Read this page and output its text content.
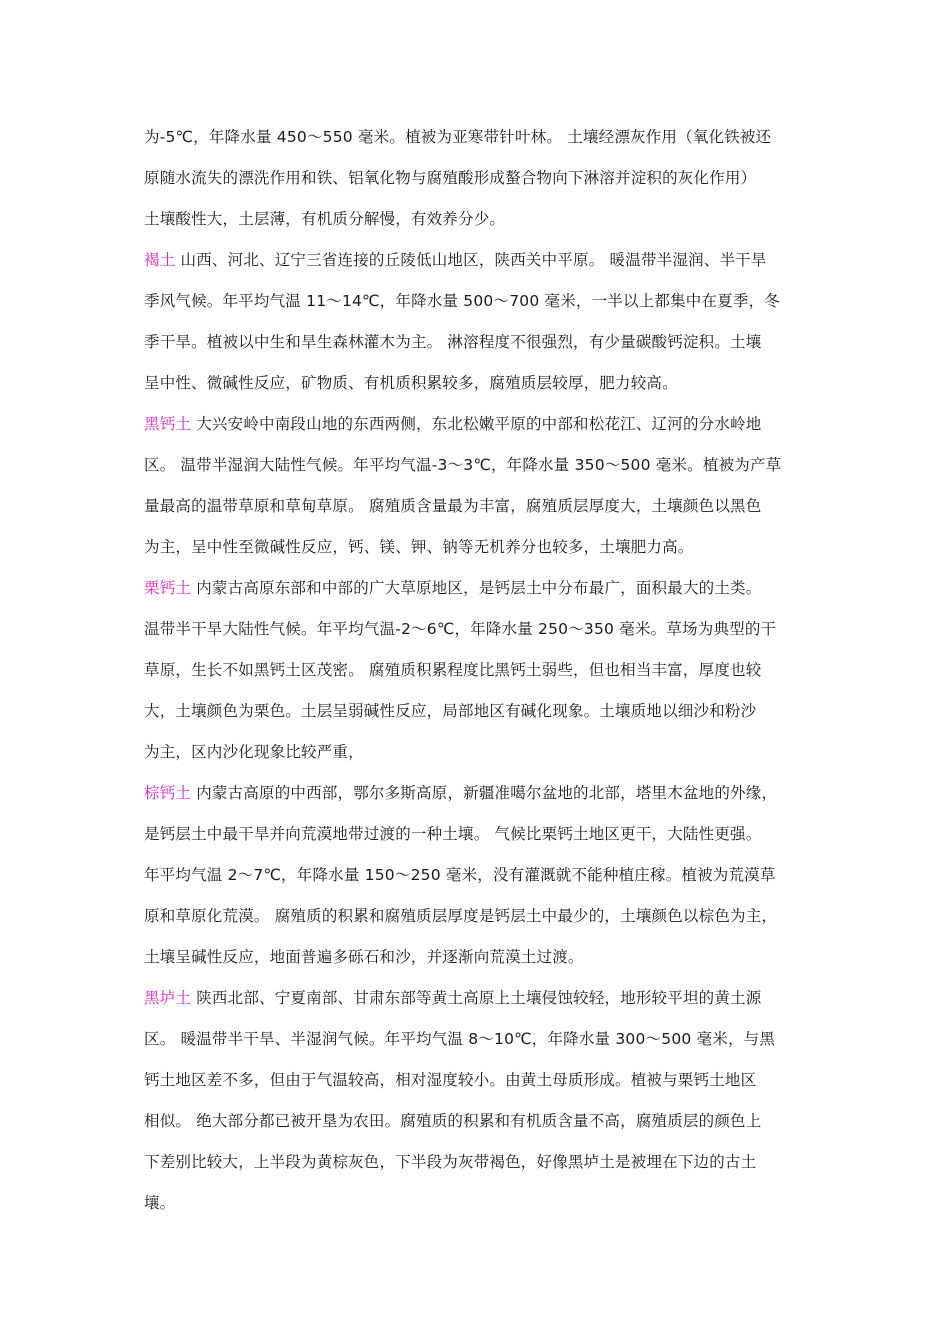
为-5℃，年降水量 450～550 毫米。植被为亚寒带针叶林。 土壤经漂灰作用（氧化铁被还
原随水流失的漂洗作用和铁、铝氧化物与腐殖酸形成螯合物向下淋溶并淀积的灰化作用）
土壤酸性大，土层薄，有机质分解慢，有效养分少。
褐土 山西、河北、辽宁三省连接的丘陵低山地区，陕西关中平原。 暖温带半湿润、半干旱
季风气候。年平均气温 11～14℃，年降水量 500～700 毫米，一半以上都集中在夏季，冬
季干旱。植被以中生和旱生森林灌木为主。 淋溶程度不很强烈，有少量碳酸钙淀积。土壤
呈中性、微碱性反应，矿物质、有机质积累较多，腐殖质层较厚，肥力较高。
黑钙土 大兴安岭中南段山地的东西两侧，东北松嫩平原的中部和松花江、辽河的分水岭地
区。 温带半湿润大陆性气候。年平均气温-3～3℃，年降水量 350～500 毫米。植被为产草
量最高的温带草原和草甸草原。 腐殖质含量最为丰富，腐殖质层厚度大，土壤颜色以黑色
为主，呈中性至微碱性反应，钙、镁、钾、钠等无机养分也较多，土壤肥力高。
栗钙土 内蒙古高原东部和中部的广大草原地区，是钙层土中分布最广，面积最大的土类。
温带半干旱大陆性气候。年平均气温-2～6℃，年降水量 250～350 毫米。草场为典型的干
草原，生长不如黑钙土区茂密。 腐殖质积累程度比黑钙土弱些，但也相当丰富，厚度也较
大，土壤颜色为栗色。土层呈弱碱性反应，局部地区有碱化现象。土壤质地以细沙和粉沙
为主，区内沙化现象比较严重，
棕钙土 内蒙古高原的中西部，鄂尔多斯高原，新疆准噶尔盆地的北部，塔里木盆地的外缘，
是钙层土中最干旱并向荒漠地带过渡的一种土壤。 气候比栗钙土地区更干，大陆性更强。
年平均气温 2～7℃，年降水量 150～250 毫米，没有灌溉就不能种植庄稼。植被为荒漠草
原和草原化荒漠。 腐殖质的积累和腐殖质层厚度是钙层土中最少的，土壤颜色以棕色为主，
土壤呈碱性反应，地面普遍多砾石和沙，并逐渐向荒漠土过渡。
黑垆土 陕西北部、宁夏南部、甘肃东部等黄土高原上土壤侵蚀较轻，地形较平坦的黄土源
区。 暖温带半干旱、半湿润气候。年平均气温 8～10℃，年降水量 300～500 毫米，与黑
钙土地区差不多，但由于气温较高，相对湿度较小。由黄土母质形成。植被与栗钙土地区
相似。 绝大部分都已被开垦为农田。腐殖质的积累和有机质含量不高，腐殖质层的颜色上
下差别比较大，上半段为黄棕灰色，下半段为灰带褐色，好像黑垆土是被埋在下边的古土
壤。
